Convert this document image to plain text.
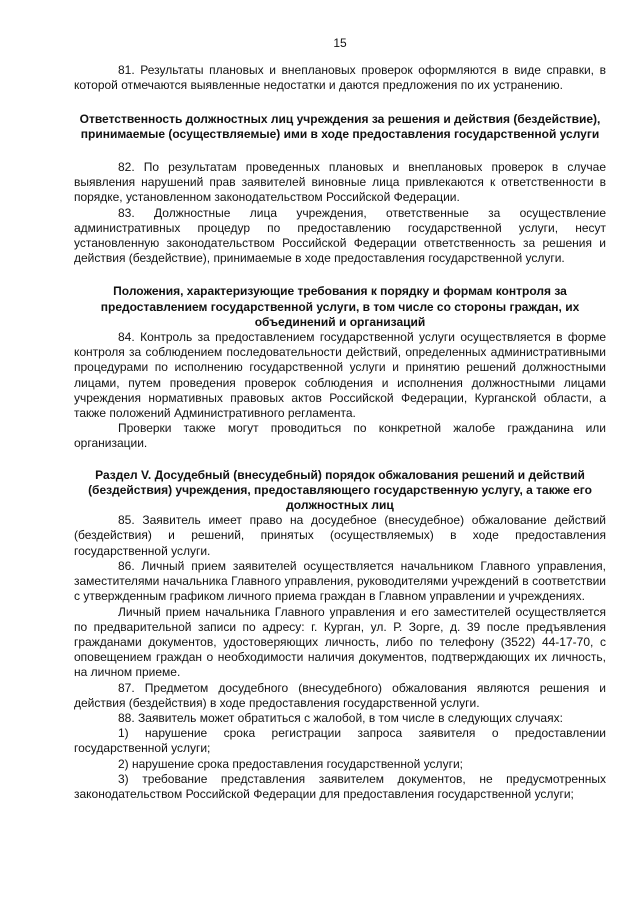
15

81. Результаты плановых и внеплановых проверок оформляются в виде справки, в которой отмечаются выявленные недостатки и даются предложения по их устранению.

Ответственность должностных лиц учреждения за решения и действия (бездействие), принимаемые (осуществляемые) ими в ходе предоставления государственной услуги

82. По результатам проведенных плановых и внеплановых проверок в случае выявления нарушений прав заявителей виновные лица привлекаются к ответственности в порядке, установленном законодательством Российской Федерации.

83. Должностные лица учреждения, ответственные за осуществление административных процедур по предоставлению государственной услуги, несут установленную законодательством Российской Федерации ответственность за решения и действия (бездействие), принимаемые в ходе предоставления государственной услуги.

Положения, характеризующие требования к порядку и формам контроля за предоставлением государственной услуги, в том числе со стороны граждан, их объединений и организаций

84. Контроль за предоставлением государственной услуги осуществляется в форме контроля за соблюдением последовательности действий, определенных административными процедурами по исполнению государственной услуги и принятию решений должностными лицами, путем проведения проверок соблюдения и исполнения должностными лицами учреждения нормативных правовых актов Российской Федерации, Курганской области, а также положений Административного регламента.

Проверки также могут проводиться по конкретной жалобе гражданина или организации.

Раздел V. Досудебный (внесудебный) порядок обжалования решений и действий (бездействия) учреждения, предоставляющего государственную услугу, а также его должностных лиц

85. Заявитель имеет право на досудебное (внесудебное) обжалование действий (бездействия) и решений, принятых (осуществляемых) в ходе предоставления государственной услуги.

86. Личный прием заявителей осуществляется начальником Главного управления, заместителями начальника Главного управления, руководителями учреждений в соответствии с утвержденным графиком личного приема граждан в Главном управлении и учреждениях.

Личный прием начальника Главного управления и его заместителей осуществляется по предварительной записи по адресу: г. Курган, ул. Р. Зорге, д. 39 после предъявления гражданами документов, удостоверяющих личность, либо по телефону (3522) 44-17-70, с оповещением граждан о необходимости наличия документов, подтверждающих их личность, на личном приеме.

87. Предметом досудебного (внесудебного) обжалования являются решения и действия (бездействия) в ходе предоставления государственной услуги.

88. Заявитель может обратиться с жалобой, в том числе в следующих случаях:

1) нарушение срока регистрации запроса заявителя о предоставлении государственной услуги;

2) нарушение срока предоставления государственной услуги;

3) требование представления заявителем документов, не предусмотренных законодательством Российской Федерации для предоставления государственной услуги;
